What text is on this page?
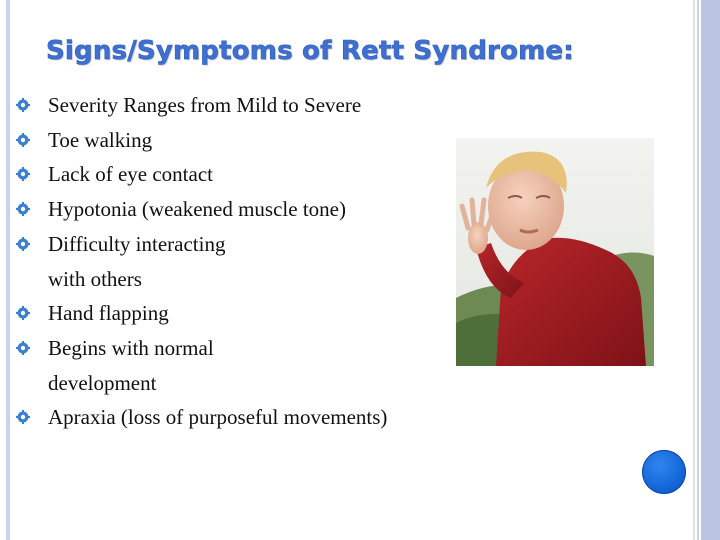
Signs/Symptoms of Rett Syndrome:
Severity Ranges from Mild to Severe
Toe walking
Lack of eye contact
Hypotonia (weakened muscle tone)
Difficulty interacting
with others
Hand flapping
Begins with normal
development
Apraxia (loss of purposeful movements)
